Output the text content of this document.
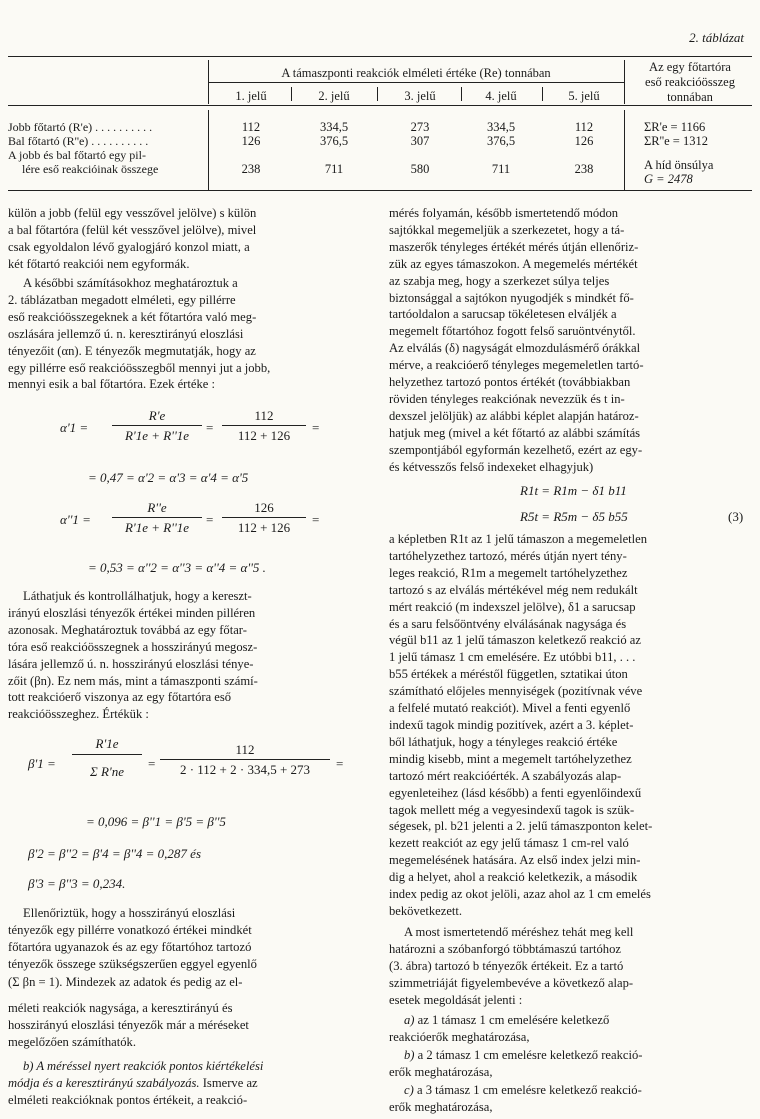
2. táblázat
A támaszponti reakciók elméleti értéke (Re) tonnában
1. jelű	2. jelű	3. jelű	4. jelű	5. jelű
Az egy főtartóra
eső reakcióösszeg
tonnában
Jobb főtartó (R'e) . . . . . . . . . .	112	334,5	273	334,5	112	ΣR'e = 1166
Bal főtartó (R''e) . . . . . . . . . .	126	376,5	307	376,5	126	ΣR''e = 1312
A jobb és bal főtartó egy pil-
lére eső reakcióinak összege	238	711	580	711	238	A híd önsúlya
G = 2478
külön a jobb (felül egy vesszővel jelölve) s külön
a bal főtartóra (felül két vesszővel jelölve), mivel
csak egyoldalon lévő gyalogjáró konzol miatt, a
két főtartó reakciói nem egyformák.
A későbbi számításokhoz meghatároztuk a
2. táblázatban megadott elméleti, egy pillérre
eső reakcióösszegeknek a két főtartóra való meg-
oszlására jellemző ú. n. keresztirányú eloszlási
tényezőit (αn). E tényezők megmutatják, hogy az
egy pillérre eső reakcióösszegből mennyi jut a jobb,
mennyi esik a bal főtartóra. Ezek értéke :
α'1 =
R'e
R'1e + R''1e
=
112
112 + 126
=
= 0,47 = α'2 = α'3 = α'4 = α'5
α''1 =
R''e
R'1e + R''1e
=
126
112 + 126
=
= 0,53 = α''2 = α''3 = α''4 = α''5 .
Láthatjuk és kontrollálhatjuk, hogy a kereszt-
irányú eloszlási tényezők értékei minden pilléren
azonosak. Meghatároztuk továbbá az egy főtar-
tóra eső reakcióösszegnek a hosszirányú megosz-
lására jellemző ú. n. hosszirányú eloszlási ténye-
zőit (βn). Ez nem más, mint a támaszponti számí-
tott reakcióerő viszonya az egy főtartóra eső
reakcióösszeghez. Értékük :
β'1 =
R'1e
Σ R'ne
=
112
2 · 112 + 2 · 334,5 + 273	=
= 0,096 = β''1 = β'5 = β''5
β'2 = β''2 = β'4 = β''4 = 0,287 és
β'3 = β''3 = 0,234.
Ellenőriztük, hogy a hosszirányú eloszlási
tényezők egy pillérre vonatkozó értékei mindkét
főtartóra ugyanazok és az egy főtartóhoz tartozó
tényezők összege szükségszerűen eggyel egyenlő
(Σ βn = 1). Mindezek az adatok és pedig az el-
méleti reakciók nagysága, a keresztirányú és
hosszirányú eloszlási tényezők már a méréseket
megelőzően számíthatók.
b) A méréssel nyert reakciók pontos kiértékelési
módja és a keresztirányú szabályozás. Ismerve az
elméleti reakcióknak pontos értékeit, a reakció-
mérés folyamán, később ismertetendő módon
sajtókkal megemeljük a szerkezetet, hogy a tá-
maszerők tényleges értékét mérés útján ellenőriz-
zük az egyes támaszokon. A megemelés mértékét
az szabja meg, hogy a szerkezet súlya teljes
biztonsággal a sajtókon nyugodjék s mindkét fő-
tartóoldalon a sarucsap tökéletesen elváljék a
megemelt főtartóhoz fogott felső saruöntvénytől.
Az elválás (δ) nagyságát elmozdulásmérő órákkal
mérve, a reakcióerő tényleges megemeletlen tartó-
helyzethez tartozó pontos értékét (továbbiakban
röviden tényleges reakciónak nevezzük és t in-
dexszel jelöljük) az alábbi képlet alapján határoz-
hatjuk meg (mivel a két főtartó az alábbi számítás
szempontjából egyformán kezelhető, ezért az egy-
és kétvesszős felső indexeket elhagyjuk)
R1t = R1m − δ1 b11
R5t = R5m − δ5 b55	(3)
a képletben R1t az 1 jelű támaszon a megemeletlen
tartóhelyzethez tartozó, mérés útján nyert tény-
leges reakció, R1m a megemelt tartóhelyzethez
tartozó s az elválás mértékével még nem redukált
mért reakció (m indexszel jelölve), δ1 a sarucsap
és a saru felsőöntvény elválásának nagysága és
végül b11 az 1 jelű támaszon keletkező reakció az
1 jelű támasz 1 cm emelésére. Ez utóbbi b11, . . .
b55 értékek a méréstől független, sztatikai úton
számítható előjeles mennyiségek (pozitívnak véve
a felfelé mutató reakciót). Mivel a fenti egyenlő
indexű tagok mindig pozitívek, azért a 3. képlet-
ből láthatjuk, hogy a tényleges reakció értéke
mindig kisebb, mint a megemelt tartóhelyzethez
tartozó mért reakcióérték. A szabályozás alap-
egyenleteihez (lásd később) a fenti egyenlőindexű
tagok mellett még a vegyesindexű tagok is szük-
ségesek, pl. b21 jelenti a 2. jelű támaszponton kelet-
kezett reakciót az egy jelű támasz 1 cm-rel való
megemelésének hatására. Az első index jelzi min-
dig a helyet, ahol a reakció keletkezik, a második
index pedig az okot jelöli, azaz ahol az 1 cm emelés
bekövetkezett.
A most ismertetendő méréshez tehát meg kell
határozni a szóbanforgó többtámaszú tartóhoz
(3. ábra) tartozó b tényezők értékeit. Ez a tartó
szimmetriáját figyelembevéve a következő alap-
esetek megoldását jelenti :
a) az 1 támasz 1 cm emelésére keletkező
reakcióerők meghatározása,
b) a 2 támasz 1 cm emelésre keletkező reakció-
erők meghatározása,
c) a 3 támasz 1 cm emelésre keletkező reakció-
erők meghatározása,
